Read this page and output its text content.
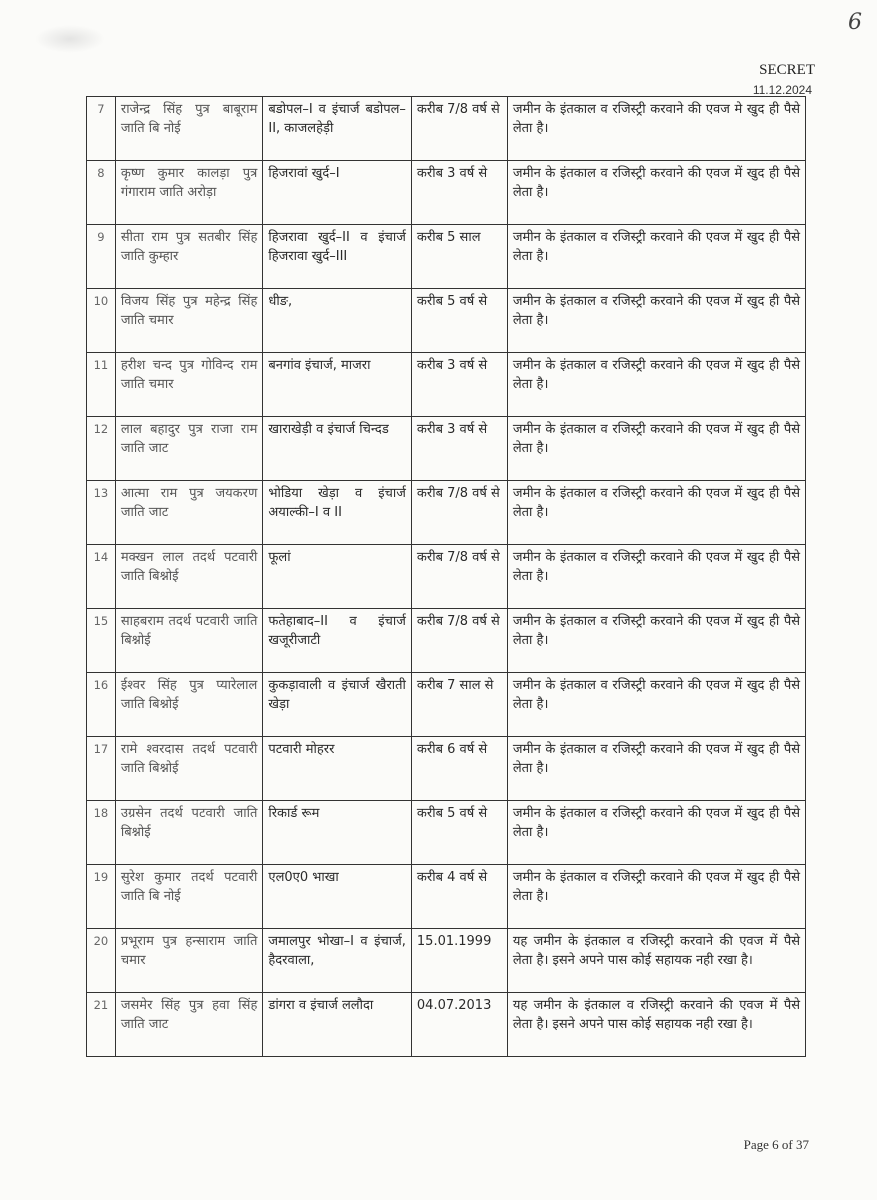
6
SECRET
11.12.2024
7	राजेन्द्र सिंह पुत्र बाबूराम जाति बि नोई	बडोपल–I व इंचार्ज बडोपल–II, काजलहेड़ी	करीब 7/8 वर्ष से	जमीन के इंतकाल व रजिस्ट्री करवाने की एवज मे खुद ही पैसे लेता है।
8	कृष्ण कुमार कालड़ा पुत्र गंगाराम जाति अरोड़ा	हिजरावां खुर्द–I	करीब 3 वर्ष से	जमीन के इंतकाल व रजिस्ट्री करवाने की एवज में खुद ही पैसे लेता है।
9	सीता राम पुत्र सतबीर सिंह जाति कुम्हार	हिजरावा खुर्द–II व इंचार्ज हिजरावा खुर्द–III	करीब 5 साल	जमीन के इंतकाल व रजिस्ट्री करवाने की एवज में खुद ही पैसे लेता है।
10	विजय सिंह पुत्र महेन्द्र सिंह जाति चमार	धीङ,	करीब 5 वर्ष से	जमीन के इंतकाल व रजिस्ट्री करवाने की एवज में खुद ही पैसे लेता है।
11	हरीश चन्द पुत्र गोविन्द राम जाति चमार	बनगांव इंचार्ज, माजरा	करीब 3 वर्ष से	जमीन के इंतकाल व रजिस्ट्री करवाने की एवज में खुद ही पैसे लेता है।
12	लाल बहादुर पुत्र राजा राम जाति जाट	खाराखेड़ी व इंचार्ज चिन्दड	करीब 3 वर्ष से	जमीन के इंतकाल व रजिस्ट्री करवाने की एवज में खुद ही पैसे लेता है।
13	आत्मा राम पुत्र जयकरण जाति जाट	भोडिया खेड़ा व इंचार्ज अयाल्की–I व II	करीब 7/8 वर्ष से	जमीन के इंतकाल व रजिस्ट्री करवाने की एवज में खुद ही पैसे लेता है।
14	मक्खन लाल तदर्थ पटवारी जाति बिश्नोई	फूलां	करीब 7/8 वर्ष से	जमीन के इंतकाल व रजिस्ट्री करवाने की एवज में खुद ही पैसे लेता है।
15	साहबराम तदर्थ पटवारी जाति बिश्नोई	फतेहाबाद–II व इंचार्ज खजूरीजाटी	करीब 7/8 वर्ष से	जमीन के इंतकाल व रजिस्ट्री करवाने की एवज में खुद ही पैसे लेता है।
16	ईश्वर सिंह पुत्र प्यारेलाल जाति बिश्नोई	कुकड़ावाली व इंचार्ज खैराती खेड़ा	करीब 7 साल से	जमीन के इंतकाल व रजिस्ट्री करवाने की एवज में खुद ही पैसे लेता है।
17	रामे श्वरदास तदर्थ पटवारी जाति बिश्नोई	पटवारी मोहरर	करीब 6 वर्ष से	जमीन के इंतकाल व रजिस्ट्री करवाने की एवज में खुद ही पैसे लेता है।
18	उग्रसेन तदर्थ पटवारी जाति बिश्नोई	रिकार्ड रूम	करीब 5 वर्ष से	जमीन के इंतकाल व रजिस्ट्री करवाने की एवज में खुद ही पैसे लेता है।
19	सुरेश कुमार तदर्थ पटवारी जाति बि नोई	एल0ए0 भाखा	करीब 4 वर्ष से	जमीन के इंतकाल व रजिस्ट्री करवाने की एवज में खुद ही पैसे लेता है।
20	प्रभूराम पुत्र हन्साराम जाति चमार	जमालपुर भोखा–I व इंचार्ज, हैदरवाला,	15.01.1999	यह जमीन के इंतकाल व रजिस्ट्री करवाने की एवज में पैसे लेता है। इसने अपने पास कोई सहायक नही रखा है।
21	जसमेर सिंह पुत्र हवा सिंह जाति जाट	डांगरा व इंचार्ज ललौदा	04.07.2013	यह जमीन के इंतकाल व रजिस्ट्री करवाने की एवज में पैसे लेता है। इसने अपने पास कोई सहायक नही रखा है।
Page 6 of 37
